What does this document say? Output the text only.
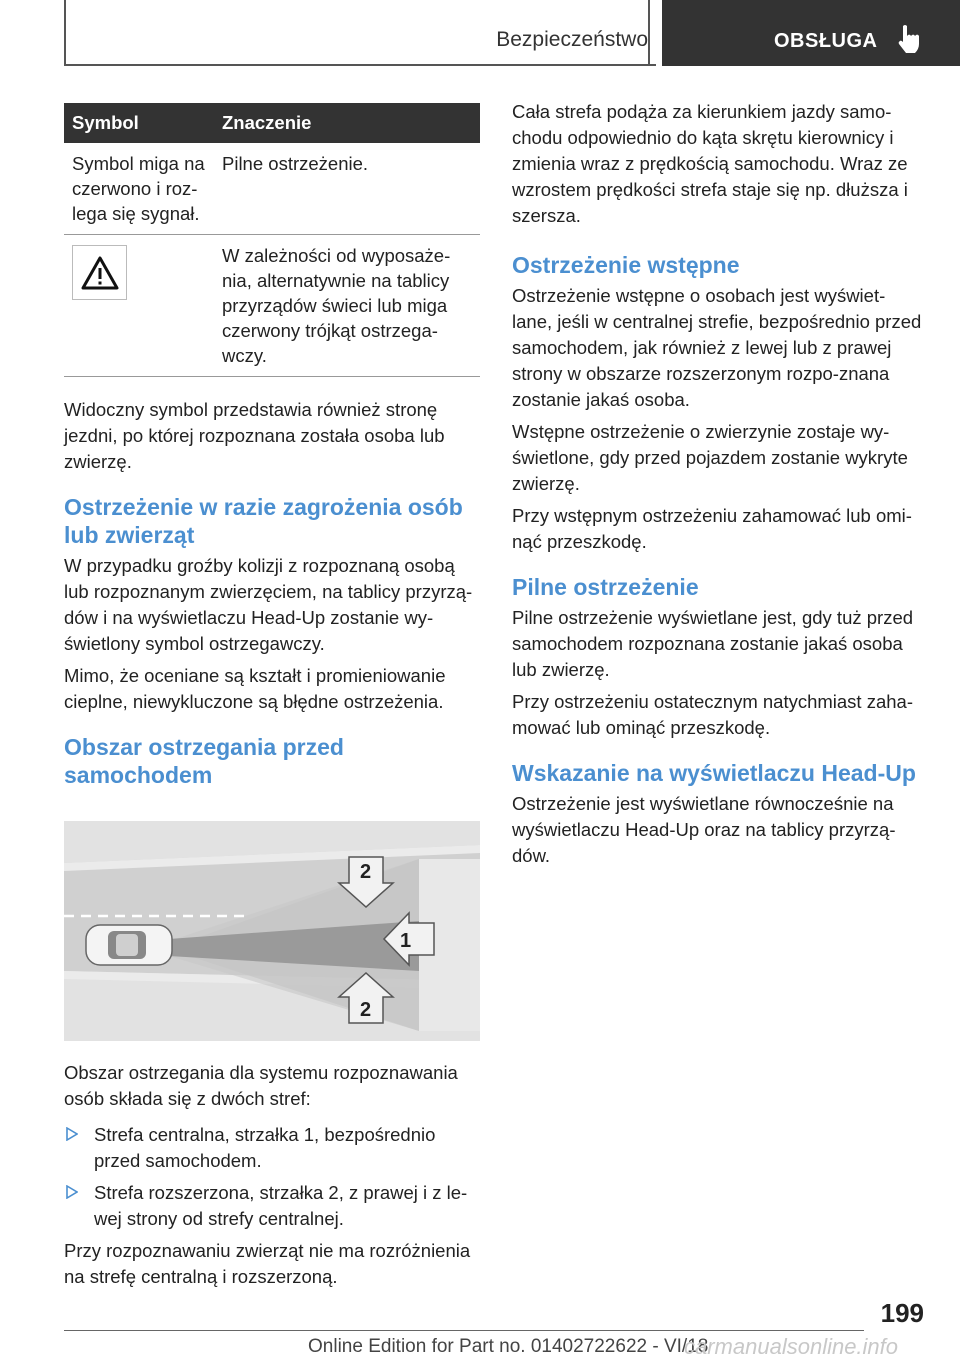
Bezpieczeństwo	OBSŁUGA
Symbol	Znaczenie
Symbol miga na czerwono i roz-lega się sygnał.	Pilne ostrzeżenie.

	W zależności od wyposaże-nia, alternatywnie na tablicy przyrządów świeci lub miga czerwony trójkąt ostrzega-wczy.

Widoczny symbol przedstawia również stronę jezdni, po której rozpoznana została osoba lub zwierzę.

Ostrzeżenie w razie zagrożenia osób lub zwierząt

W przypadku groźby kolizji z rozpoznaną osobą lub rozpoznanym zwierzęciem, na tablicy przyrzą-dów i na wyświetlaczu Head-Up zostanie wy-świetlony symbol ostrzegawczy.

Mimo, że oceniane są kształt i promieniowanie cieplne, niewykluczone są błędne ostrzeżenia.

Obszar ostrzegania przed samochodem
1
2
2

Obszar ostrzegania dla systemu rozpoznawania osób składa się z dwóch stref:

Strefa centralna, strzałka 1, bezpośrednio przed samochodem.
Strefa rozszerzona, strzałka 2, z prawej i z le-wej strony od strefy centralnej.

Przy rozpoznawaniu zwierząt nie ma rozróżnienia na strefę centralną i rozszerzoną.

Cała strefa podąża za kierunkiem jazdy samo-chodu odpowiednio do kąta skrętu kierownicy i zmienia wraz z prędkością samochodu. Wraz ze wzrostem prędkości strefa staje się np. dłuższa i szersza.

Ostrzeżenie wstępne

Ostrzeżenie wstępne o osobach jest wyświet-lane, jeśli w centralnej strefie, bezpośrednio przed samochodem, jak również z lewej lub z prawej strony w obszarze rozszerzonym rozpo-znana zostanie jakaś osoba.

Wstępne ostrzeżenie o zwierzynie zostaje wy-świetlone, gdy przed pojazdem zostanie wykryte zwierzę.

Przy wstępnym ostrzeżeniu zahamować lub omi-nąć przeszkodę.

Pilne ostrzeżenie

Pilne ostrzeżenie wyświetlane jest, gdy tuż przed samochodem rozpoznana zostanie jakaś osoba lub zwierzę.

Przy ostrzeżeniu ostatecznym natychmiast zaha-mować lub ominąć przeszkodę.

Wskazanie na wyświetlaczu Head-Up

Ostrzeżenie jest wyświetlane równocześnie na wyświetlaczu Head-Up oraz na tablicy przyrzą-dów.

199
Online Edition for Part no. 01402722622 - VI/18
carmanualsonline.info
